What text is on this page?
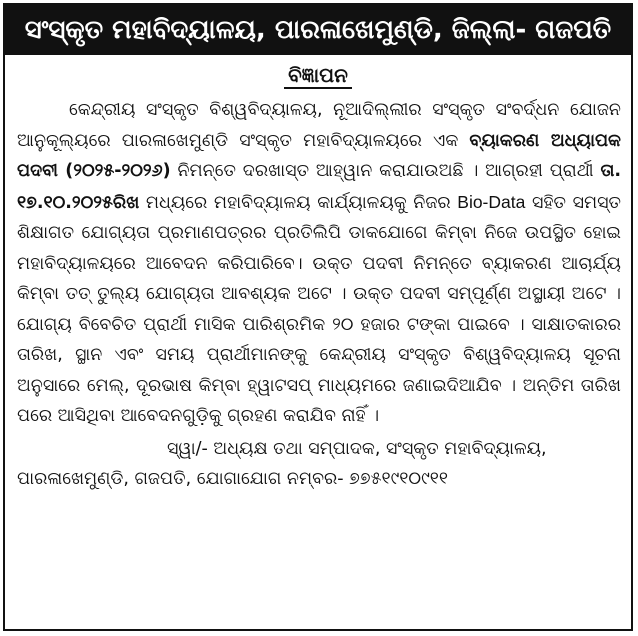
ସଂସ୍କୃତ ମହାବିଦ୍ୟାଳୟ, ପାରଳାଖେମୁଣ୍ଡି, ଜିଲ୍ଲା- ଗଜପତି
ବିଜ୍ଞାପନ

କେନ୍ଦ୍ରୀୟ ସଂସ୍କୃତ ବିଶ୍ୱବିଦ୍ୟାଳୟ, ନୂଆଦିଲ୍ଲୀର ସଂସ୍କୃତ ସଂବର୍ଦ୍ଧନ ଯୋଜନ ଆନୁକୂଲ୍ୟରେ ପାରଳାଖେମୁଣ୍ଡି ସଂସ୍କୃତ ମହାବିଦ୍ୟାଳୟରେ ଏକ ବ୍ୟାକରଣ ଅଧ୍ୟାପକ ପଦବୀ (୨୦୨୫-୨୦୨୬) ନିମନ୍ତେ ଦରଖାସ୍ତ ଆହ୍ୱାନ କରାଯାଉଅଛି । ଆଗ୍ରହୀ ପ୍ରାର୍ଥୀ ତା. ୧୭.୧୦.୨୦୨୫ରିଖ ମଧ୍ୟରେ ମହାବିଦ୍ୟାଳୟ କାର୍ଯ୍ୟାଳୟକୁ ନିଜର Bio-Data ସହିତ ସମସ୍ତ ଶିକ୍ଷାଗତ ଯୋଗ୍ୟତା ପ୍ରମାଣପତ୍ରର ପ୍ରତିଲିପି ଡାକଯୋଗେ କିମ୍ବା ନିଜେ ଉପସ୍ଥିତ ହୋଇ ମହାବିଦ୍ୟାଳୟରେ ଆବେଦନ କରିପାରିବେ। ଉକ୍ତ ପଦବୀ ନିମନ୍ତେ ବ୍ୟାକରଣ ଆଚାର୍ଯ୍ୟ କିମ୍ବା ତତ୍ ତୁଲ୍ୟ ଯୋଗ୍ୟତା ଆବଶ୍ୟକ ଅଟେ । ଉକ୍ତ ପଦବୀ ସମ୍ପୂର୍ଣ୍ଣ ଅସ୍ଥାୟୀ ଅଟେ । ଯୋଗ୍ୟ ବିବେଚିତ ପ୍ରାର୍ଥୀ ମାସିକ ପାରିଶ୍ରମିକ ୨୦ ହଜାର ଟଙ୍କା ପାଇବେ । ସାକ୍ଷାତକାରର ତାରିଖ, ସ୍ଥାନ ଏବଂ ସମୟ ପ୍ରାର୍ଥୀମାନଙ୍କୁ କେନ୍ଦ୍ରୀୟ ସଂସ୍କୃତ ବିଶ୍ୱବିଦ୍ୟାଳୟ ସୂଚନା ଅନୁସାରେ ମେଲ୍, ଦୂରଭାଷ କିମ୍ବା ହ୍ୱାଟସପ୍ ମାଧ୍ୟମରେ ଜଣାଇଦିଆଯିବ । ଅନ୍ତିମ ତାରିଖ ପରେ ଆସିଥିବା ଆବେଦନଗୁଡ଼ିକୁ ଗ୍ରହଣ କରାଯିବ ନାହିଁ ।

ସ୍ୱା/- ଅଧ୍ୟକ୍ଷ ତଥା ସମ୍ପାଦକ, ସଂସ୍କୃତ ମହାବିଦ୍ୟାଳୟ,
ପାରଳାଖେମୁଣ୍ଡି, ଗଜପତି, ଯୋଗାଯୋଗ ନମ୍ବର- ୭୭୫୧୯୧୦୯୧୧
